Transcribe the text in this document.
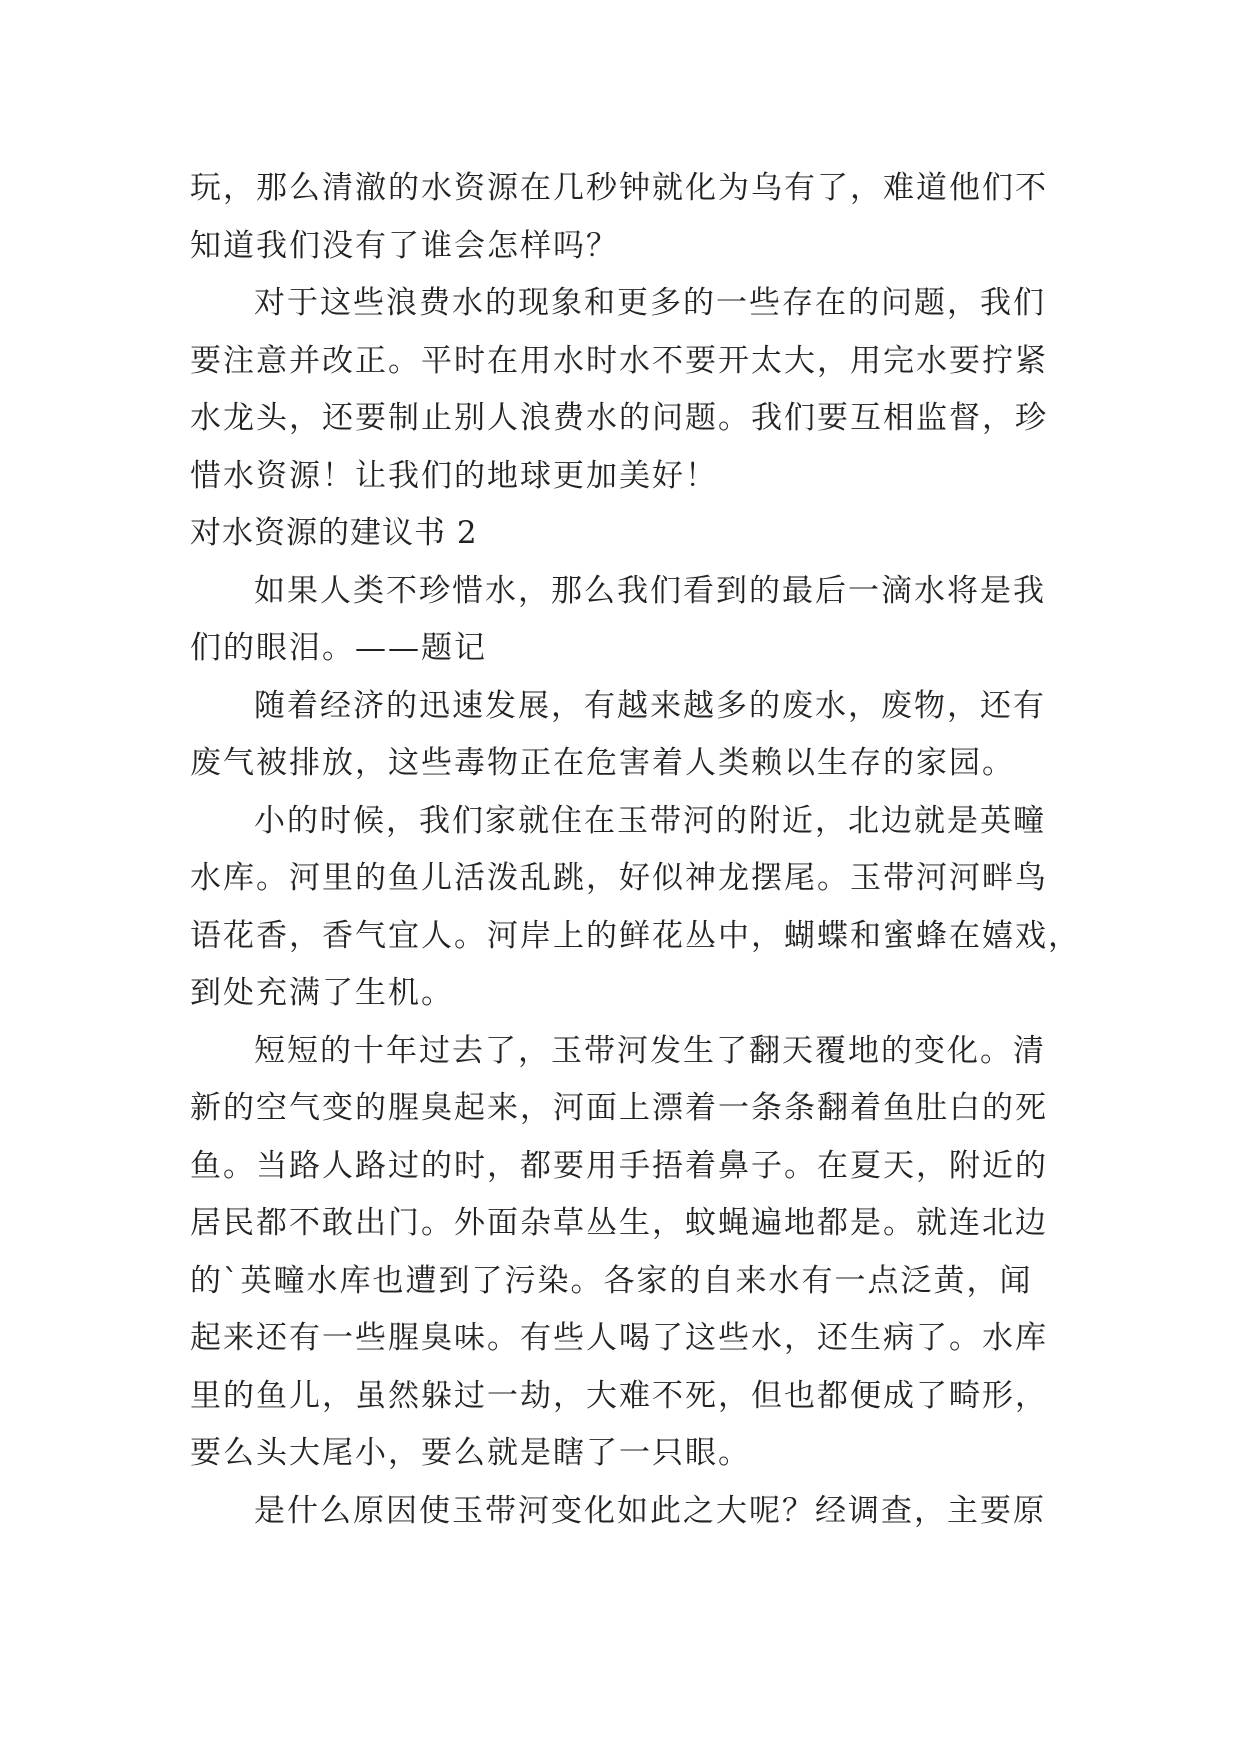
玩，那么清澈的水资源在几秒钟就化为乌有了，难道他们不
知道我们没有了谁会怎样吗？
对于这些浪费水的现象和更多的一些存在的问题，我们
要注意并改正。平时在用水时水不要开太大，用完水要拧紧
水龙头，还要制止别人浪费水的问题。我们要互相监督，珍
惜水资源！让我们的地球更加美好！
对水资源的建议书 2
如果人类不珍惜水，那么我们看到的最后一滴水将是我
们的眼泪。——题记
随着经济的迅速发展，有越来越多的废水，废物，还有
废气被排放，这些毒物正在危害着人类赖以生存的家园。
小的时候，我们家就住在玉带河的附近，北边就是英疃
水库。河里的鱼儿活泼乱跳，好似神龙摆尾。玉带河河畔鸟
语花香，香气宜人。河岸上的鲜花丛中，蝴蝶和蜜蜂在嬉戏，
到处充满了生机。
短短的十年过去了，玉带河发生了翻天覆地的变化。清
新的空气变的腥臭起来，河面上漂着一条条翻着鱼肚白的死
鱼。当路人路过的时，都要用手捂着鼻子。在夏天，附近的
居民都不敢出门。外面杂草丛生，蚊蝇遍地都是。就连北边
的`英疃水库也遭到了污染。各家的自来水有一点泛黄，闻
起来还有一些腥臭味。有些人喝了这些水，还生病了。水库
里的鱼儿，虽然躲过一劫，大难不死，但也都便成了畸形，
要么头大尾小，要么就是瞎了一只眼。
是什么原因使玉带河变化如此之大呢？经调查，主要原
